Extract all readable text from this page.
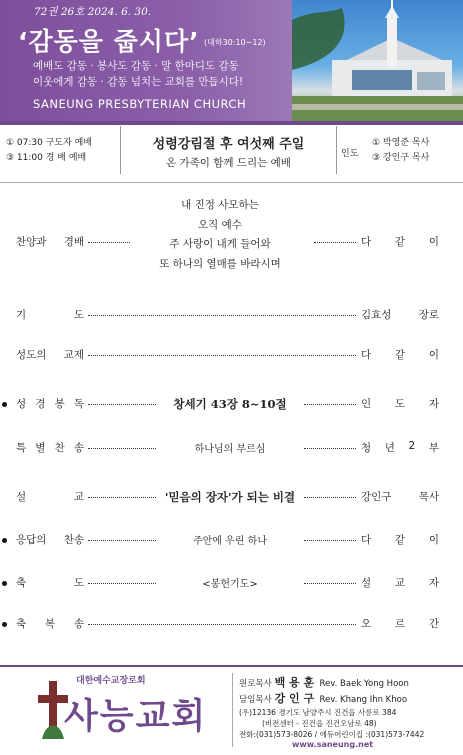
72권 26호 2024. 6. 30.
‘감동을 줍시다’ (대하30:10~12)
예배도 감동 · 봉사도 감동 · 말 한마디도 감동
이웃에게 감동 · 감동 넘치는 교회를 만듭시다!
SANEUNG PRESBYTERIAN CHURCH
① 07:30 구도자 예배
③ 11:00 경 배 예배
성령강림절 후 여섯째 주일
온 가족이 함께 드리는 예배
인도
① 박영준 목사
③ 강인구 목사
내 진정 사모하는
오직 예수
주 사랑이 내게 들어와
또 하나의 열매를 바라시며
찬양과 경배	다 같 이
기	도	김효성	장로
성도의 교제	다 같 이
성 경 봉 독	창세기 43장 8~10절	인 도 자
특 별 찬 송	하나님의 부르심	청 년 2 부
설	교	'믿음의 장자'가 되는 비결	강인구	목사
응답의 찬송	주안에 우린 하나	다 같 이
축	도	<봉헌기도>	설 교 자
축 복 송	오 르 간
대한예수교장로회
사능교회
원로목사 백 용 훈 Rev. Baek Yong Hoon
담임목사 강 인 구 Rev. Khang Ihn Khoo
(우)12136 경기도 남양주시 진건읍 사릉로 384
(비전센터 - 진건읍 진건오남로 48)
전화:(031)573-8026 / 에듀어린이집 :(031)573-7442
www.saneung.net
